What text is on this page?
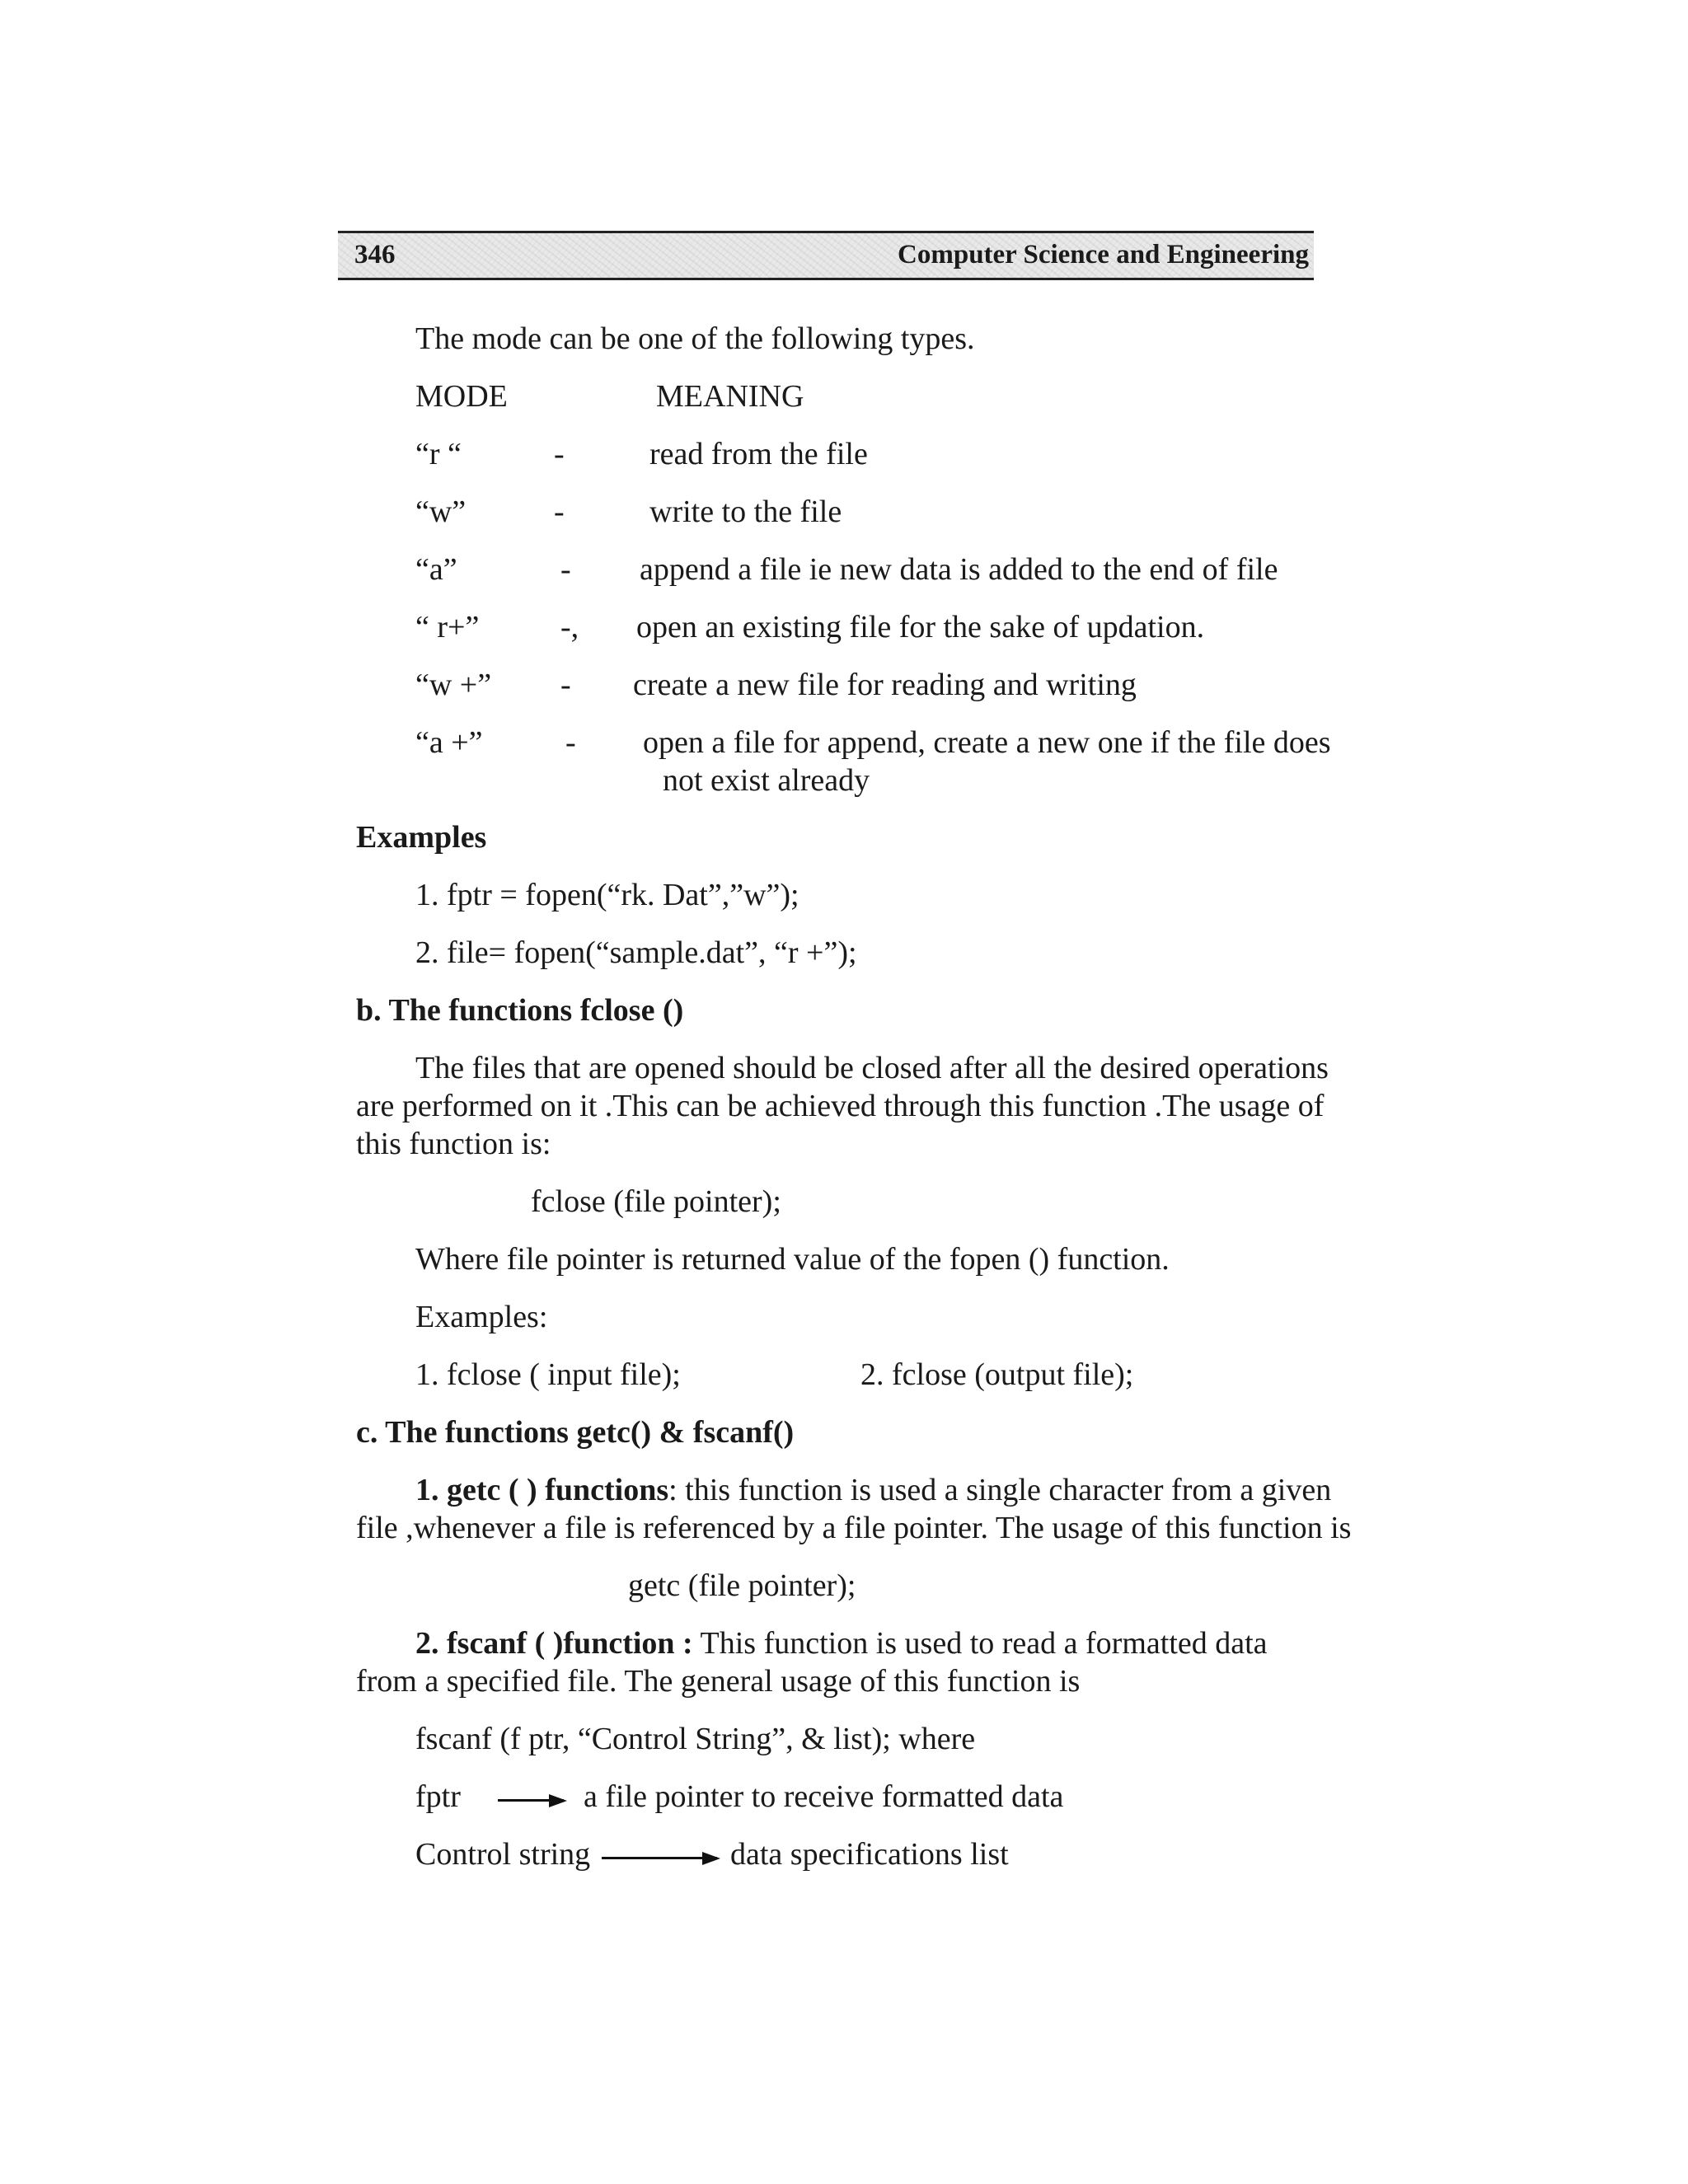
346	Computer Science and Engineering
The mode can be one of the following types.
MODE	MEANING
“r “	-	read from the file
“w”	-	write to the file
“a”	- append a file ie new data is added to the end of file
“ r+”	-, open an existing file for the sake of updation.
“w +” - create a new file for reading and writing
“a +”	- open a file for append, create a new one if the file does
not exist already
Examples
1. fptr = fopen(“rk. Dat”,”w”);
2. file= fopen(“sample.dat”, “r +”);
b. The functions fclose ()
The files that are opened should be closed after all the desired operations
are performed on it .This can be achieved through this function .The usage of
this function is:
fclose (file pointer);
Where file pointer is returned value of the fopen () function.
Examples:
1. fclose ( input file);	2. fclose (output file);
c. The functions getc() & fscanf()
1. getc ( ) functions: this function is used a single character from a given
file ,whenever a file is referenced by a file pointer. The usage of this function is
getc (file pointer);
2. fscanf ( )function : This function is used to read a formatted data
from a specified file. The general usage of this function is
fscanf (f ptr, “Control String”, & list); where
fptr	a file pointer to receive formatted data
Control string	data specifications list
